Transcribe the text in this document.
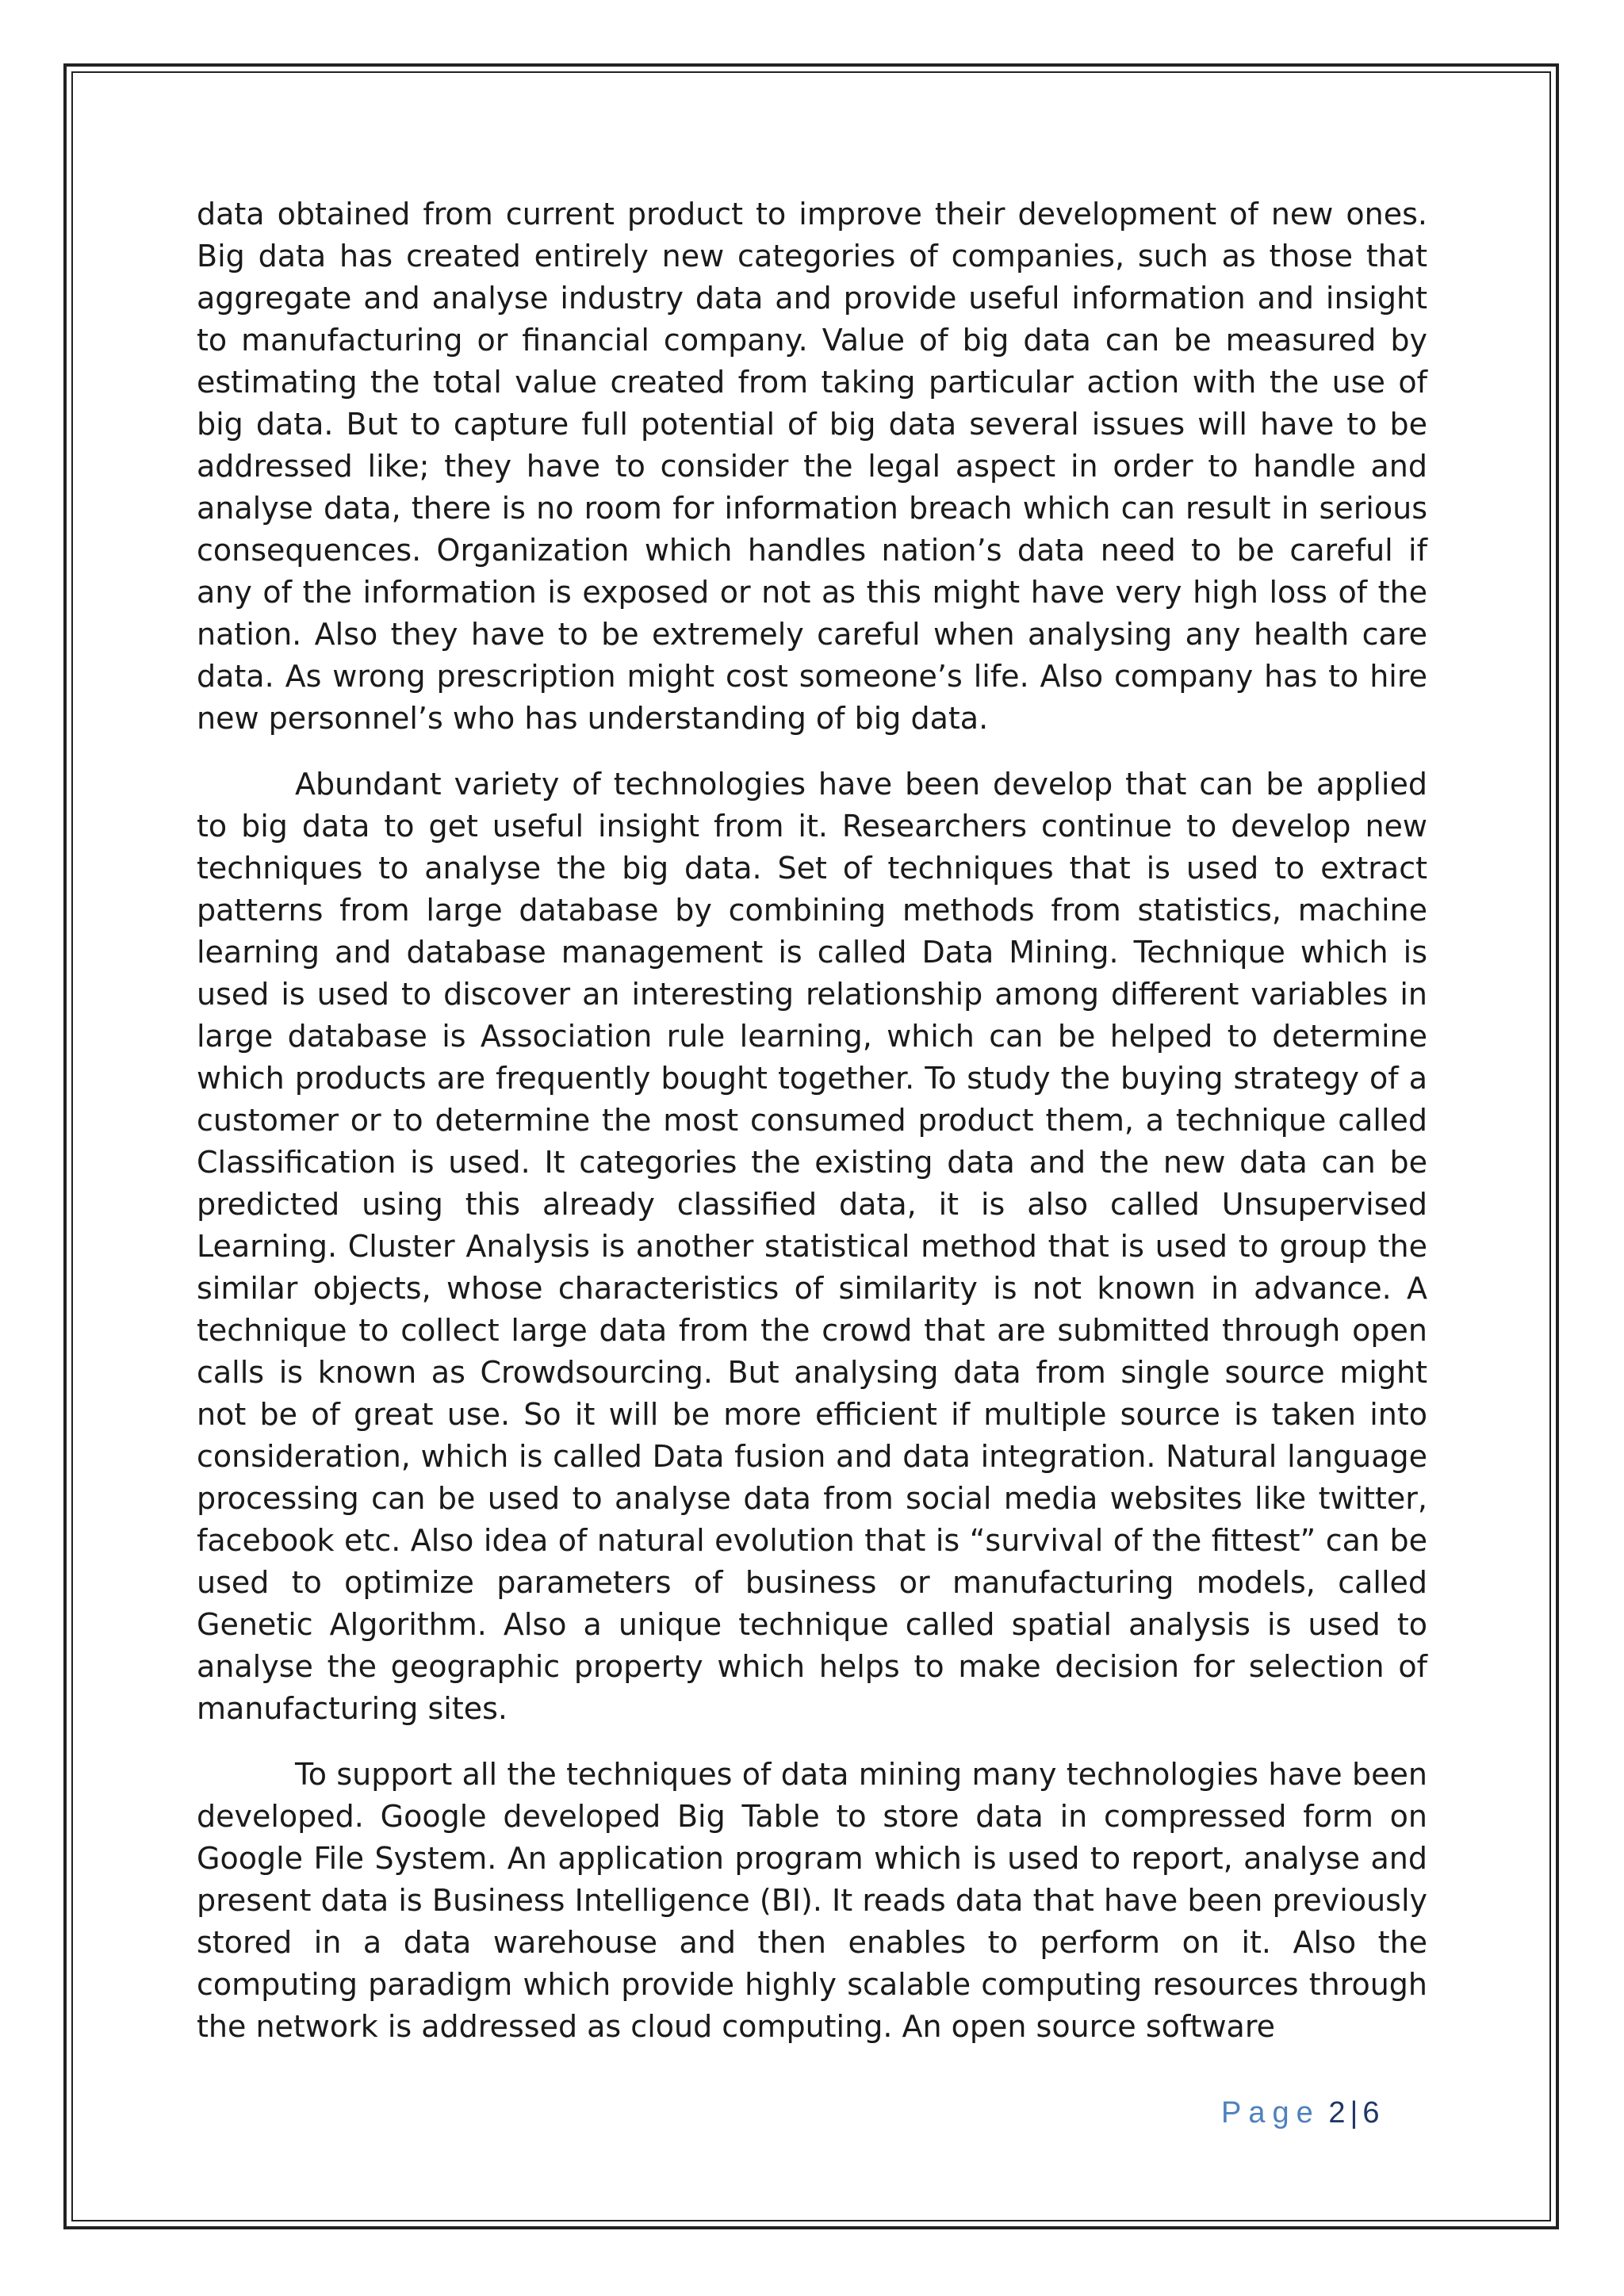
data obtained from current product to improve their development of new ones. Big data has created entirely new categories of companies, such as those that aggregate and analyse industry data and provide useful information and insight to manufacturing or financial company. Value of big data can be measured by estimating the total value created from taking particular action with the use of big data. But to capture full potential of big data several issues will have to be addressed like; they have to consider the legal aspect in order to handle and analyse data, there is no room for information breach which can result in serious consequences. Organization which handles nation’s data need to be careful if any of the information is exposed or not as this might have very high loss of the nation. Also they have to be extremely careful when analysing any health care data. As wrong prescription might cost someone’s life. Also company has to hire new personnel’s who has understanding of big data.

Abundant variety of technologies have been develop that can be applied to big data to get useful insight from it. Researchers continue to develop new techniques to analyse the big data. Set of techniques that is used to extract patterns from large database by combining methods from statistics, machine learning and database management is called Data Mining. Technique which is used is used to discover an interesting relationship among different variables in large database is Association rule learning, which can be helped to determine which products are frequently bought together. To study the buying strategy of a customer or to determine the most consumed product them, a technique called Classification is used. It categories the existing data and the new data can be predicted using this already classified data, it is also called Unsupervised Learning. Cluster Analysis is another statistical method that is used to group the similar objects, whose characteristics of similarity is not known in advance. A technique to collect large data from the crowd that are submitted through open calls is known as Crowdsourcing. But analysing data from single source might not be of great use. So it will be more efficient if multiple source is taken into consideration, which is called Data fusion and data integration. Natural language processing can be used to analyse data from social media websites like twitter, facebook etc. Also idea of natural evolution that is “survival of the fittest” can be used to optimize parameters of business or manufacturing models, called Genetic Algorithm. Also a unique technique called spatial analysis is used to analyse the geographic property which helps to make decision for selection of manufacturing sites.

To support all the techniques of data mining many technologies have been developed. Google developed Big Table to store data in compressed form on Google File System. An application program which is used to report, analyse and present data is Business Intelligence (BI). It reads data that have been previously stored in a data warehouse and then enables to perform on it. Also the computing paradigm which provide highly scalable computing resources through the network is addressed as cloud computing. An open source software

Page 2 | 6
